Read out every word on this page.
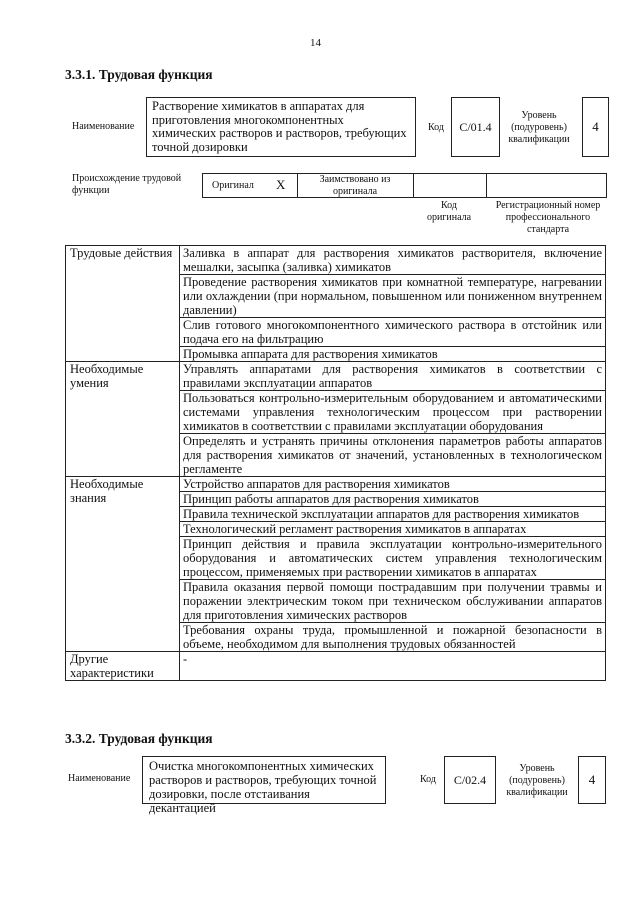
14
3.3.1. Трудовая функция
Наименование
Растворение химикатов в аппаратах для приготовления многокомпонентных химических растворов и растворов, требующих точной дозировки
Код	C/01.4
Уровень (подуровень) квалификации
4
Происхождение трудовой функции	Оригинал X	Заимствовано из оригинала
Код оригинала
Регистрационный номер профессионального стандарта
Трудовые действия	Заливка в аппарат для растворения химикатов растворителя, включение мешалки, засыпка (заливка) химикатов
	Проведение растворения химикатов при комнатной температуре, нагревании или охлаждении (при нормальном, повышенном или пониженном внутреннем давлении)
	Слив готового многокомпонентного химического раствора в отстойник или подача его на фильтрацию
	Промывка аппарата для растворения химикатов
Необходимые умения	Управлять аппаратами для растворения химикатов в соответствии с правилами эксплуатации аппаратов
	Пользоваться контрольно-измерительным оборудованием и автоматическими системами управления технологическим процессом при растворении химикатов в соответствии с правилами эксплуатации оборудования
	Определять и устранять причины отклонения параметров работы аппаратов для растворения химикатов от значений, установленных в технологическом регламенте
Необходимые знания	Устройство аппаратов для растворения химикатов
	Принцип работы аппаратов для растворения химикатов
	Правила технической эксплуатации аппаратов для растворения химикатов
	Технологический регламент растворения химикатов в аппаратах
	Принцип действия и правила эксплуатации контрольно-измерительного оборудования и автоматических систем управления технологическим процессом, применяемых при растворении химикатов в аппаратах
	Правила оказания первой помощи пострадавшим при получении травмы и поражении электрическим током при техническом обслуживании аппаратов для приготовления химических растворов
	Требования охраны труда, промышленной и пожарной безопасности в объеме, необходимом для выполнения трудовых обязанностей
Другие характеристики	-
3.3.2. Трудовая функция
Наименование
Очистка многокомпонентных химических растворов и растворов, требующих точной дозировки, после отстаивания декантацией
Код	C/02.4
Уровень (подуровень) квалификации
4
